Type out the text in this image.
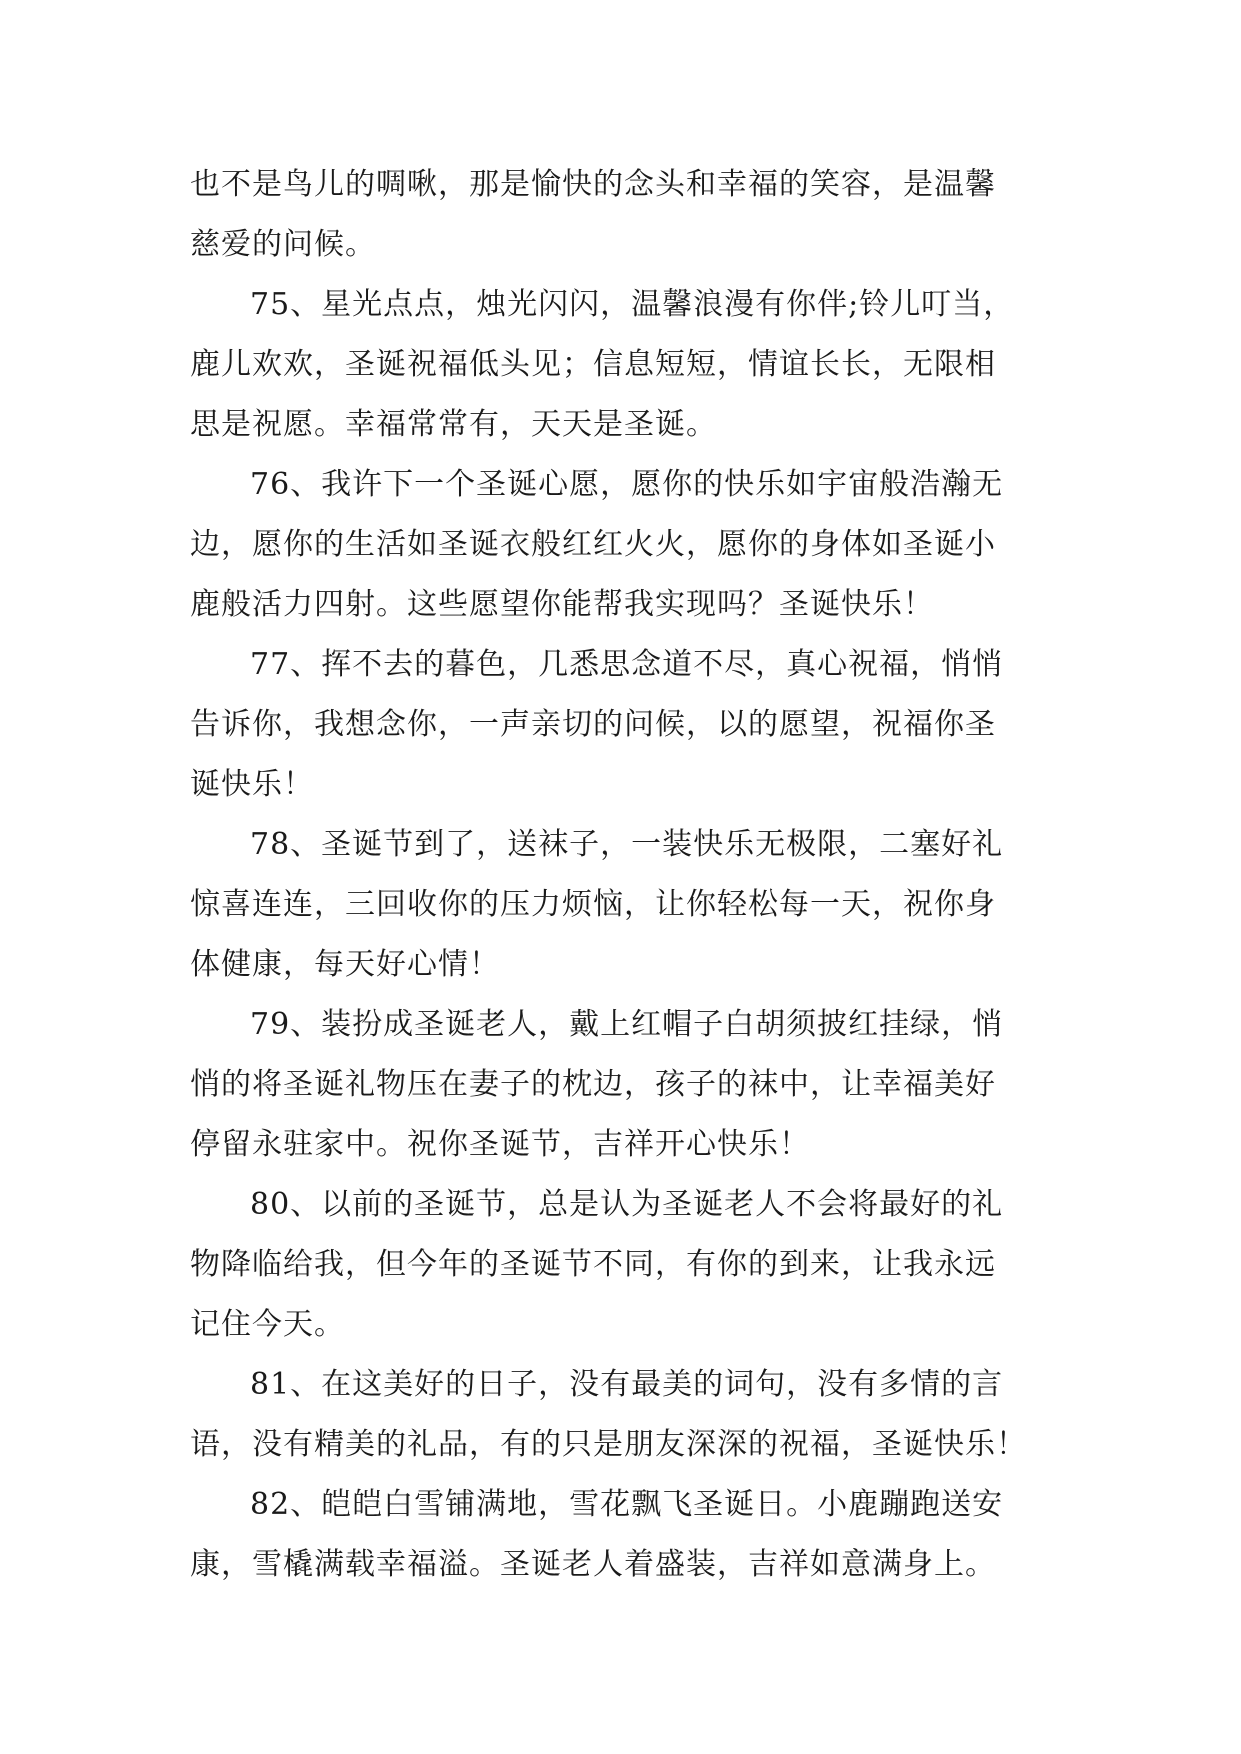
也不是鸟儿的啁啾，那是愉快的念头和幸福的笑容，是温馨
慈爱的问候。

75、星光点点，烛光闪闪，温馨浪漫有你伴;铃儿叮当，
鹿儿欢欢，圣诞祝福低头见；信息短短，情谊长长，无限相
思是祝愿。幸福常常有，天天是圣诞。

76、我许下一个圣诞心愿，愿你的快乐如宇宙般浩瀚无
边，愿你的生活如圣诞衣般红红火火，愿你的身体如圣诞小
鹿般活力四射。这些愿望你能帮我实现吗？圣诞快乐！

77、挥不去的暮色，几悉思念道不尽，真心祝福，悄悄
告诉你，我想念你，一声亲切的问候，以的愿望，祝福你圣
诞快乐！

78、圣诞节到了，送袜子，一装快乐无极限，二塞好礼
惊喜连连，三回收你的压力烦恼，让你轻松每一天，祝你身
体健康，每天好心情！

79、装扮成圣诞老人，戴上红帽子白胡须披红挂绿，悄
悄的将圣诞礼物压在妻子的枕边，孩子的袜中，让幸福美好
停留永驻家中。祝你圣诞节，吉祥开心快乐！

80、以前的圣诞节，总是认为圣诞老人不会将最好的礼
物降临给我，但今年的圣诞节不同，有你的到来，让我永远
记住今天。

81、在这美好的日子，没有最美的词句，没有多情的言
语，没有精美的礼品，有的只是朋友深深的祝福，圣诞快乐！

82、皑皑白雪铺满地，雪花飘飞圣诞日。小鹿蹦跑送安
康，雪橇满载幸福溢。圣诞老人着盛装，吉祥如意满身上。
